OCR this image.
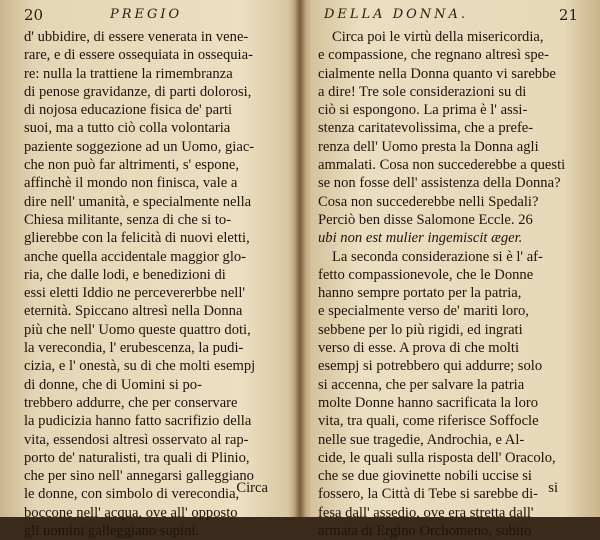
20	PREGIO
d' ubbidire, di essere venerata in vene-
rare, e di essere ossequiata in ossequia-
re: nulla la trattiene la rimembranza
di penose gravidanze, di parti dolorosi,
di nojosa educazione fisica de' parti
suoi, ma a tutto ciò colla volontaria
paziente soggezione ad un Uomo, giac-
che non può far altrimenti, s' espone,
affinchè il mondo non finisca, vale a
dire nell' umanità, e specialmente nella
Chiesa militante, senza di che si to-
glierebbe con la felicità di nuovi eletti,
anche quella accidentale maggior glo-
ria, che dalle lodi, e benedizioni di
essi eletti Iddio ne percevererbbe nell'
eternità. Spiccano altresì nella Donna
più che nell' Uomo queste quattro doti,
la verecondia, l' erubescenza, la pudi-
cizia, e l' onestà, su di che molti esempj
di donne, che di Uomini si po-
trebbero addurre, che per conservare
la pudicizia hanno fatto sacrifizio della
vita, essendosi altresì osservato al rap-
porto de' naturalisti, tra quali di Plinio,
che per sino nell' annegarsi galleggiano
le donne, con simbolo di verecondia,
boccone nell' acqua, ove all' opposto
gli uomini galleggiano supini.
Circa
DELLA DONNA.	21
Circa poi le virtù della misericordia,
e compassione, che regnano altresì spe-
cialmente nella Donna quanto vi sarebbe
a dire! Tre sole considerazioni su di
ciò si espongono. La prima è l' assi-
stenza caritatevolissima, che a prefe-
renza dell' Uomo presta la Donna agli
ammalati. Cosa non succederebbe a questi
se non fosse dell' assistenza della Donna?
Cosa non succederebbe nelli Spedali?
Perciò ben disse Salomone Eccle. 26
ubi non est mulier ingemiscit æger.
La seconda considerazione si è l' af-
fetto compassionevole, che le Donne
hanno sempre portato per la patria,
e specialmente verso de' mariti loro,
sebbene per lo più rigidi, ed ingrati
verso di esse. A prova di che molti
esempj si potrebbero qui addurre; solo
si accenna, che per salvare la patria
molte Donne hanno sacrificata la loro
vita, tra quali, come riferisce Soffocle
nelle sue tragedie, Androchia, e Al-
cide, le quali sulla risposta dell' Oracolo,
che se due giovinette nobili uccise si
fossero, la Città di Tebe si sarebbe di-
fesa dall' assedio, ove era stretta dall'
armata di Ergino Orchomeno, subito
si
